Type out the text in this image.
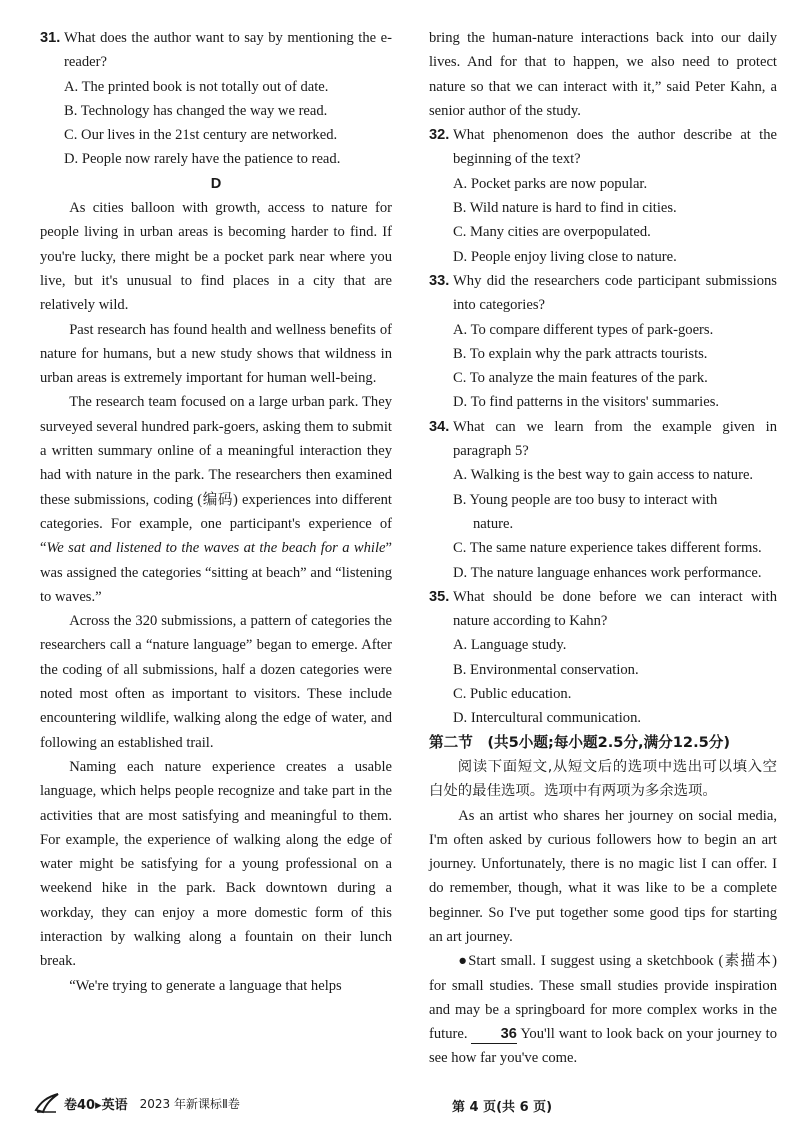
31. What does the author want to say by mentioning the e-reader?

A. The printed book is not totally out of date.

B. Technology has changed the way we read.

C. Our lives in the 21st century are networked.

D. People now rarely have the patience to read.

D

As cities balloon with growth, access to nature for people living in urban areas is becoming harder to find. If you're lucky, there might be a pocket park near where you live, but it's unusual to find places in a city that are relatively wild.

Past research has found health and wellness benefits of nature for humans, but a new study shows that wildness in urban areas is extremely important for human well-being.

The research team focused on a large urban park. They surveyed several hundred park-goers, asking them to submit a written summary online of a meaningful interaction they had with nature in the park. The researchers then examined these submissions, coding (编码) experiences into different categories. For example, one participant's experience of “We sat and listened to the waves at the beach for a while” was assigned the categories “sitting at beach” and “listening to waves.”

Across the 320 submissions, a pattern of categories the researchers call a “nature language” began to emerge. After the coding of all submissions, half a dozen categories were noted most often as important to visitors. These include encountering wildlife, walking along the edge of water, and following an established trail.

Naming each nature experience creates a usable language, which helps people recognize and take part in the activities that are most satisfying and meaningful to them. For example, the experience of walking along the edge of water might be satisfying for a young professional on a weekend hike in the park. Back downtown during a workday, they can enjoy a more domestic form of this interaction by walking along a fountain on their lunch break.

“We're trying to generate a language that helps

bring the human-nature interactions back into our daily lives. And for that to happen, we also need to protect nature so that we can interact with it,” said Peter Kahn, a senior author of the study.

32. What phenomenon does the author describe at the beginning of the text?

A. Pocket parks are now popular.

B. Wild nature is hard to find in cities.

C. Many cities are overpopulated.

D. People enjoy living close to nature.

33. Why did the researchers code participant submissions into categories?

A. To compare different types of park-goers.

B. To explain why the park attracts tourists.

C. To analyze the main features of the park.

D. To find patterns in the visitors' summaries.

34. What can we learn from the example given in paragraph 5?

A. Walking is the best way to gain access to nature.

B. Young people are too busy to interact with
nature.

C. The same nature experience takes different forms.

D. The nature language enhances work performance.

35. What should be done before we can interact with nature according to Kahn?

A. Language study.

B. Environmental conservation.

C. Public education.

D. Intercultural communication.

第二节　(共5小题;每小题2.5分,满分12.5分)

阅读下面短文,从短文后的选项中选出可以填入空白处的最佳选项。选项中有两项为多余选项。

As an artist who shares her journey on social media, I'm often asked by curious followers how to begin an art journey. Unfortunately, there is no magic list I can offer. I do remember, though, what it was like to be a complete beginner. So I've put together some good tips for starting an art journey.

●Start small. I suggest using a sketchbook (素描本) for small studies. These small studies provide inspiration and may be a springboard for more complex works in the future. 36 You'll want to look back on your journey to see how far you've come.

卷40▸英语 2023 年新课标Ⅱ卷	第 4 页(共 6 页)
